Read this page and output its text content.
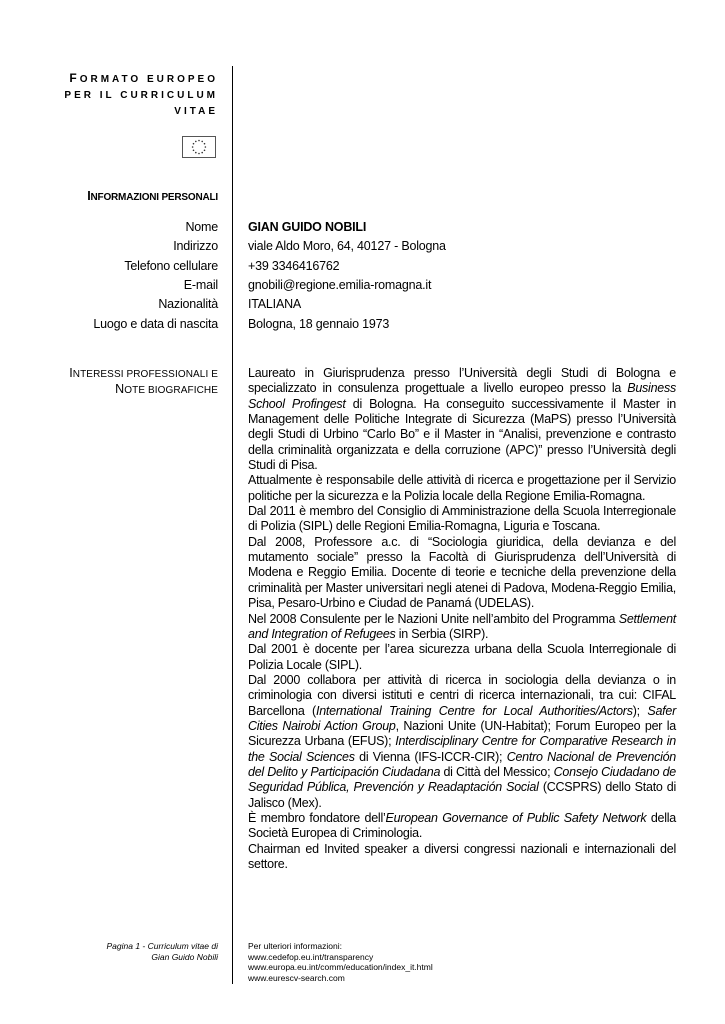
FORMATO EUROPEO
PER IL CURRICULUM
VITAE
INFORMAZIONI PERSONALI
Nome GIAN GUIDO NOBILI
Indirizzo viale Aldo Moro, 64, 40127 - Bologna
Telefono cellulare +39 3346416762
E-mail gnobili@regione.emilia-romagna.it
Nazionalità ITALIANA
Luogo e data di nascita Bologna, 18 gennaio 1973
INTERESSI PROFESSIONALI E
NOTE BIOGRAFICHE

Laureato in Giurisprudenza presso l’Università degli Studi di Bologna e specializzato in consulenza progettuale a livello europeo presso la Business School Profingest di Bologna. Ha conseguito successivamente il Master in Management delle Politiche Integrate di Sicurezza (MaPS) presso l’Università degli Studi di Urbino “Carlo Bo” e il Master in “Analisi, prevenzione e contrasto della criminalità organizzata e della corruzione (APC)” presso l’Università degli Studi di Pisa.

Attualmente è responsabile delle attività di ricerca e progettazione per il Servizio politiche per la sicurezza e la Polizia locale della Regione Emilia-Romagna.

Dal 2011 è membro del Consiglio di Amministrazione della Scuola Interregionale di Polizia (SIPL) delle Regioni Emilia-Romagna, Liguria e Toscana.

Dal 2008, Professore a.c. di “Sociologia giuridica, della devianza e del mutamento sociale” presso la Facoltà di Giurisprudenza dell’Università di Modena e Reggio Emilia. Docente di teorie e tecniche della prevenzione della criminalità per Master universitari negli atenei di Padova, Modena-Reggio Emilia, Pisa, Pesaro-Urbino e Ciudad de Panamá (UDELAS).

Nel 2008 Consulente per le Nazioni Unite nell’ambito del Programma Settlement and Integration of Refugees in Serbia (SIRP).

Dal 2001 è docente per l’area sicurezza urbana della Scuola Interregionale di Polizia Locale (SIPL).

Dal 2000 collabora per attività di ricerca in sociologia della devianza o in criminologia con diversi istituti e centri di ricerca internazionali, tra cui: CIFAL Barcellona (International Training Centre for Local Authorities/Actors); Safer Cities Nairobi Action Group, Nazioni Unite (UN-Habitat); Forum Europeo per la Sicurezza Urbana (EFUS); Interdisciplinary Centre for Comparative Research in the Social Sciences di Vienna (IFS-ICCR-CIR); Centro Nacional de Prevención del Delito y Participación Ciudadana di Città del Messico; Consejo Ciudadano de Seguridad Pública, Prevención y Readaptación Social (CCSPRS) dello Stato di Jalisco (Mex).

È membro fondatore dell’European Governance of Public Safety Network della Società Europea di Criminologia.

Chairman ed Invited speaker a diversi congressi nazionali e internazionali del settore.

Pagina 1 - Curriculum vitae di
Gian Guido Nobili
Per ulteriori informazioni:
www.cedefop.eu.int/transparency
www.europa.eu.int/comm/education/index_it.html
www.eurescv-search.com
